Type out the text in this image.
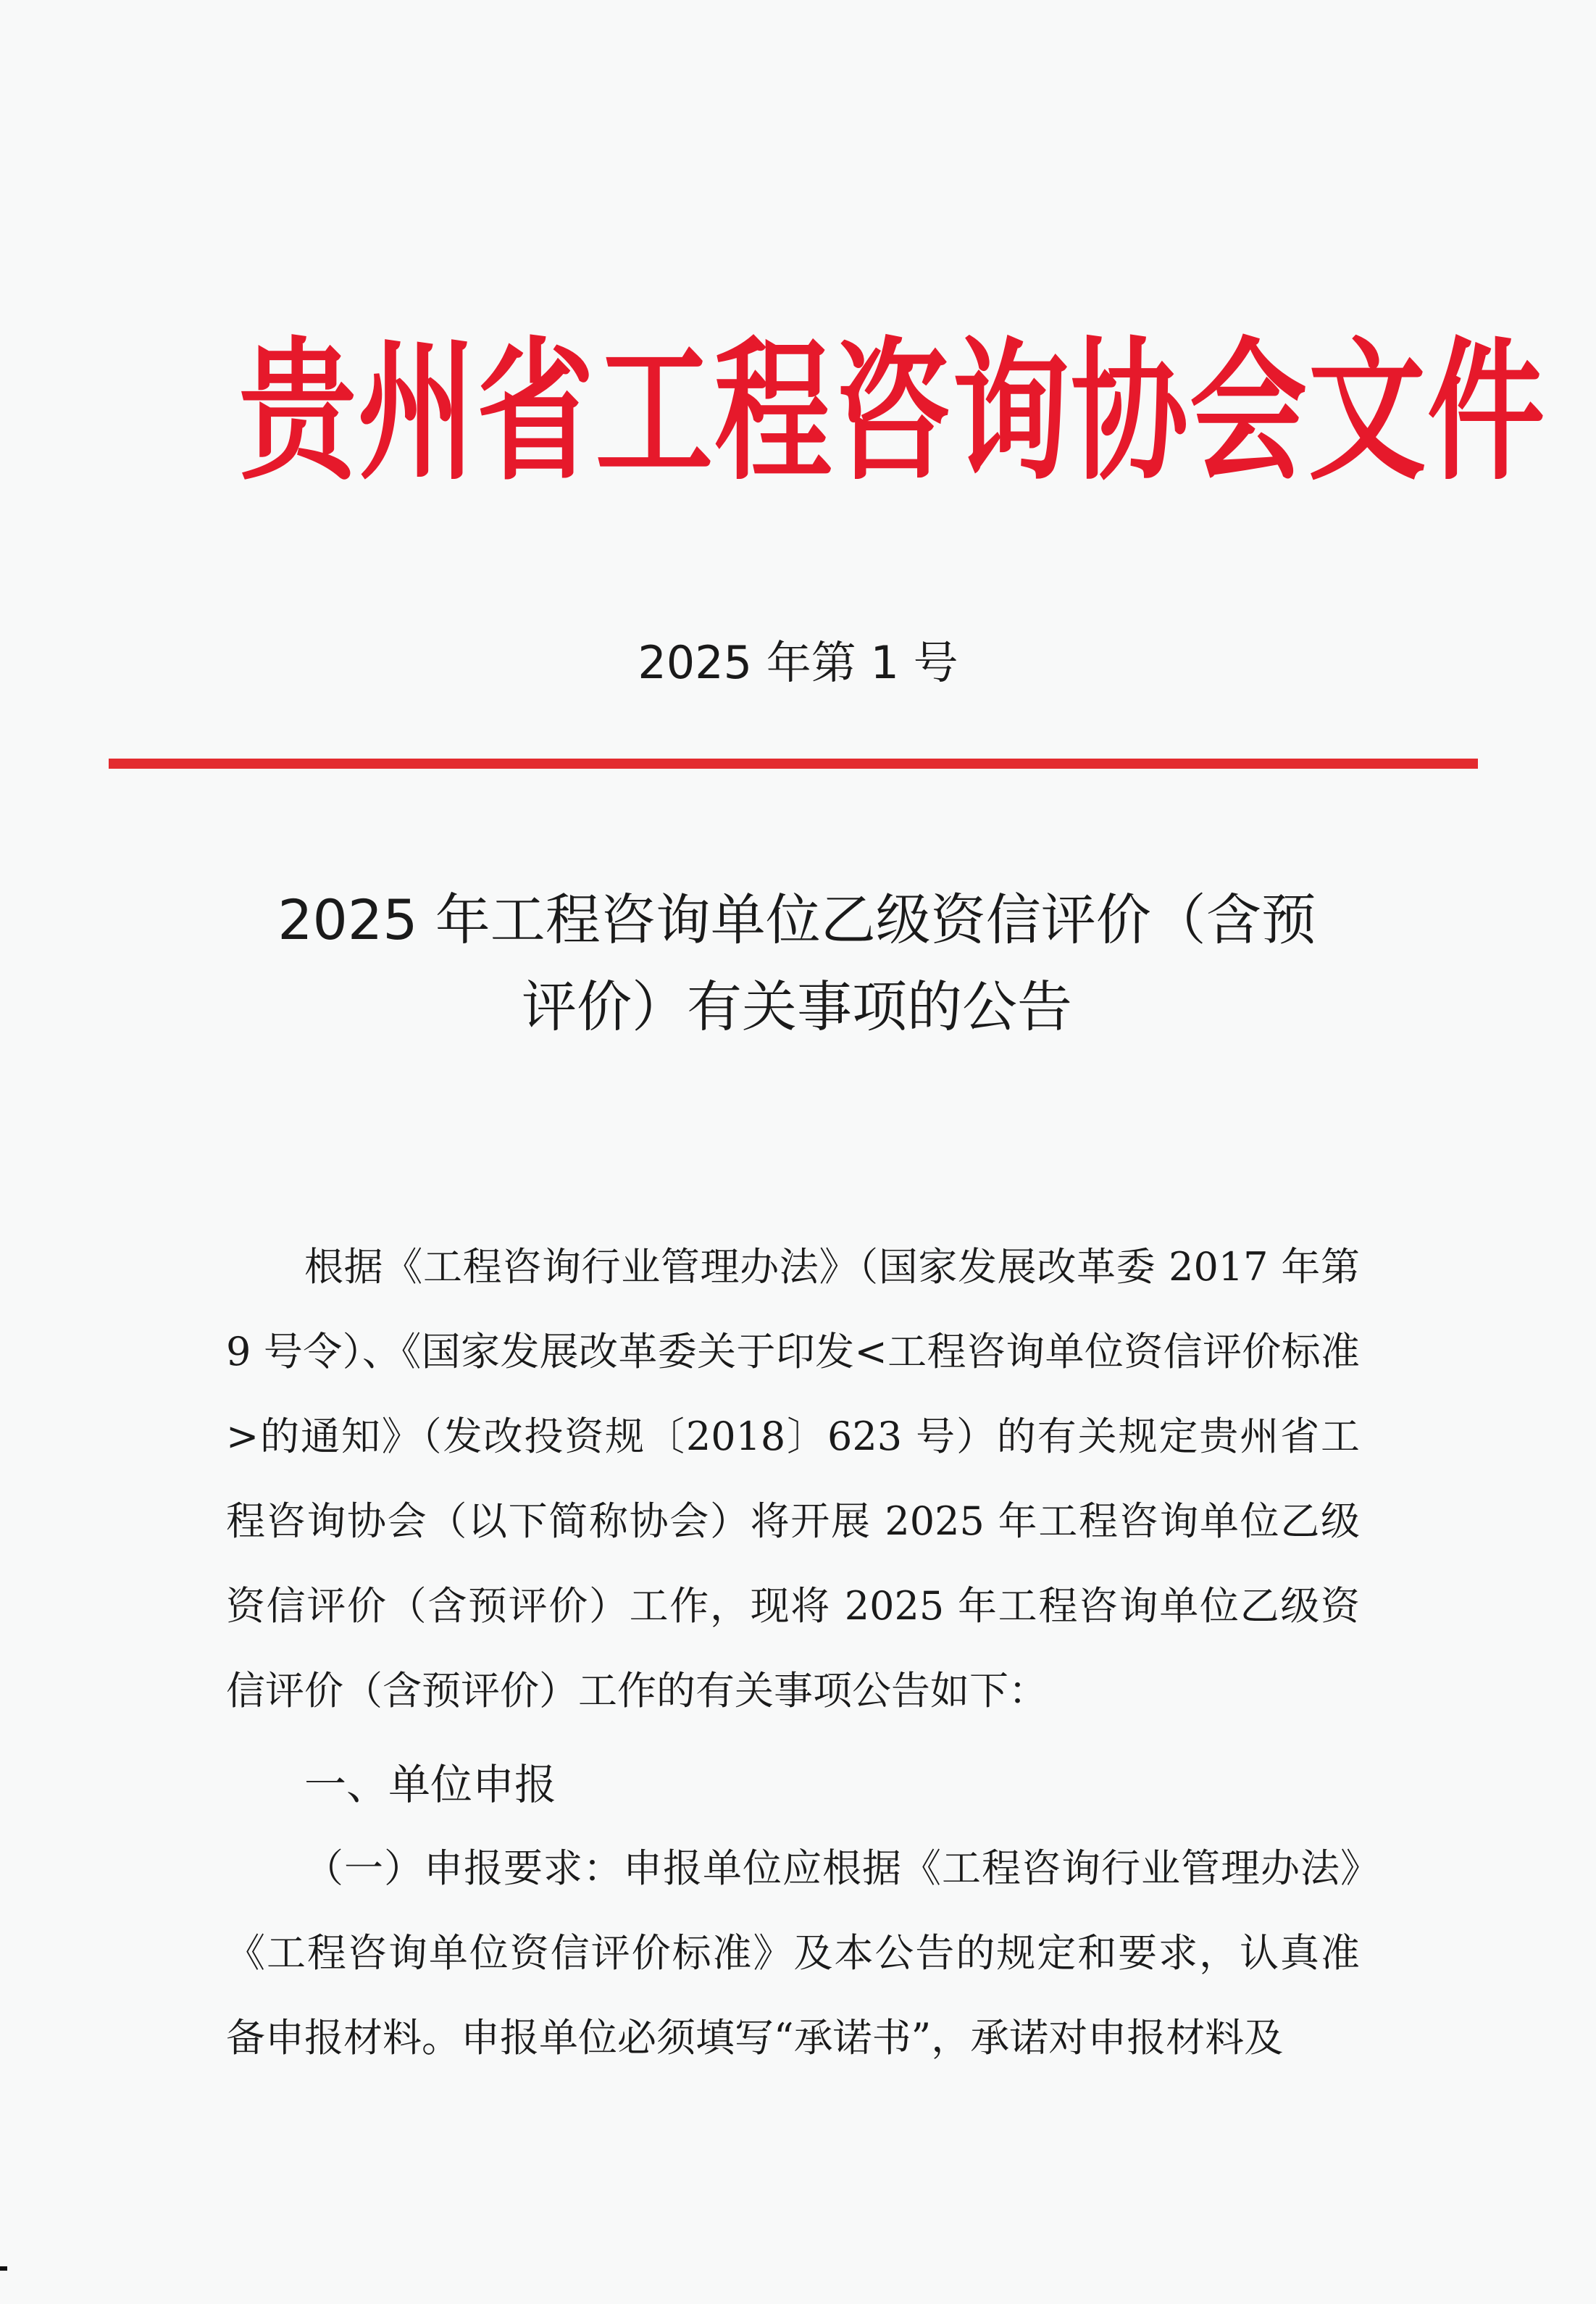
贵州省工程咨询协会文件
2025 年第 1 号
2025 年工程咨询单位乙级资信评价（含预
评价）有关事项的公告
根据《工程咨询行业管理办法》（国家发展改革委 2017 年第 9 号令）、《国家发展改革委关于印发<工程咨询单位资信评价标准>的通知》（发改投资规〔2018〕623 号）的有关规定贵州省工程咨询协会（以下简称协会）将开展 2025 年工程咨询单位乙级资信评价（含预评价）工作，现将 2025 年工程咨询单位乙级资信评价（含预评价）工作的有关事项公告如下：
一、单位申报
（一）申报要求：申报单位应根据《工程咨询行业管理办法》《工程咨询单位资信评价标准》及本公告的规定和要求，认真准备申报材料。申报单位必须填写“承诺书”，承诺对申报材料及
